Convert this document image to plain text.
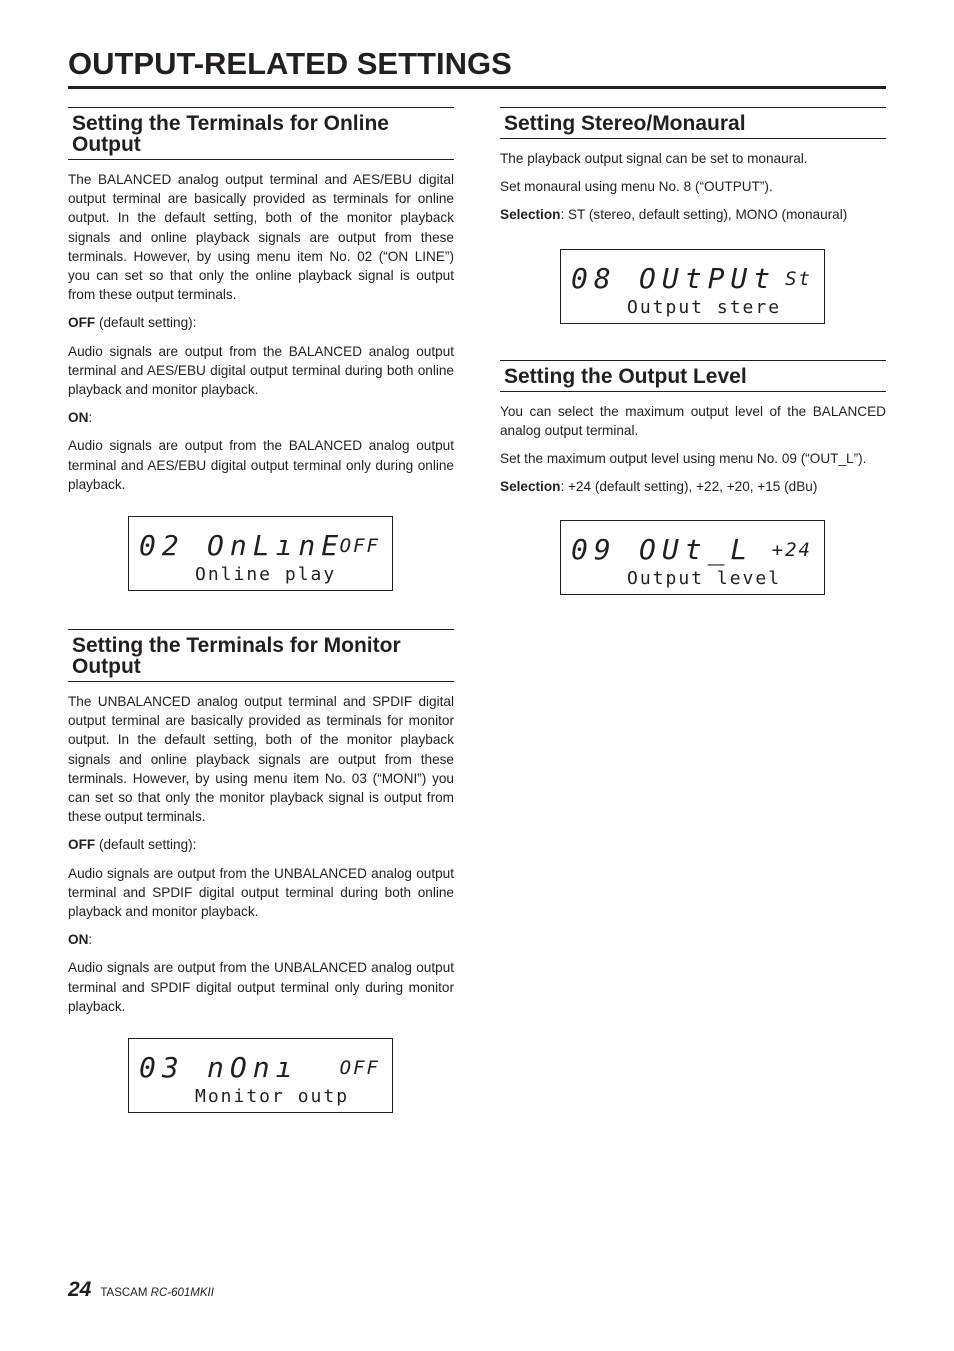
OUTPUT-RELATED SETTINGS
Setting the Terminals for Online Output

The BALANCED analog output terminal and AES/EBU digital output terminal are basically provided as terminals for online output. In the default setting, both of the monitor playback signals and online playback signals are output from these terminals. However, by using menu item No. 02 (“ON LINE”) you can set so that only the online playback signal is output from these output terminals.

OFF (default setting):

Audio signals are output from the BALANCED analog output terminal and AES/EBU digital output terminal during both online playback and monitor playback.

ON:

Audio signals are output from the BALANCED analog output terminal and AES/EBU digital output terminal only during online playback.

02 OnLınE
OFF
Online play
Setting the Terminals for Monitor Output

The UNBALANCED analog output terminal and SPDIF digital output terminal are basically provided as terminals for monitor output. In the default setting, both of the monitor playback signals and online playback signals are output from these terminals. However, by using menu item No. 03 (“MONI”) you can set so that only the monitor playback signal is output from these output terminals.

OFF (default setting):

Audio signals are output from the UNBALANCED analog output terminal and SPDIF digital output terminal during both online playback and monitor playback.

ON:

Audio signals are output from the UNBALANCED analog output terminal and SPDIF digital output terminal only during monitor playback.

03 nOnı OFF
Monitor outp
Setting Stereo/Monaural

The playback output signal can be set to monaural.

Set monaural using menu No. 8 (“OUTPUT”).

Selection: ST (stereo, default setting), MONO (monaural)

08 OUtPUt St
Output stere
Setting the Output Level

You can select the maximum output level of the BALANCED analog output terminal.

Set the maximum output level using menu No. 09 (“OUT_L”).

Selection: +24 (default setting), +22, +20, +15 (dBu)

09 OUt_L +24
Output level
24 TASCAM RC-601MKII
